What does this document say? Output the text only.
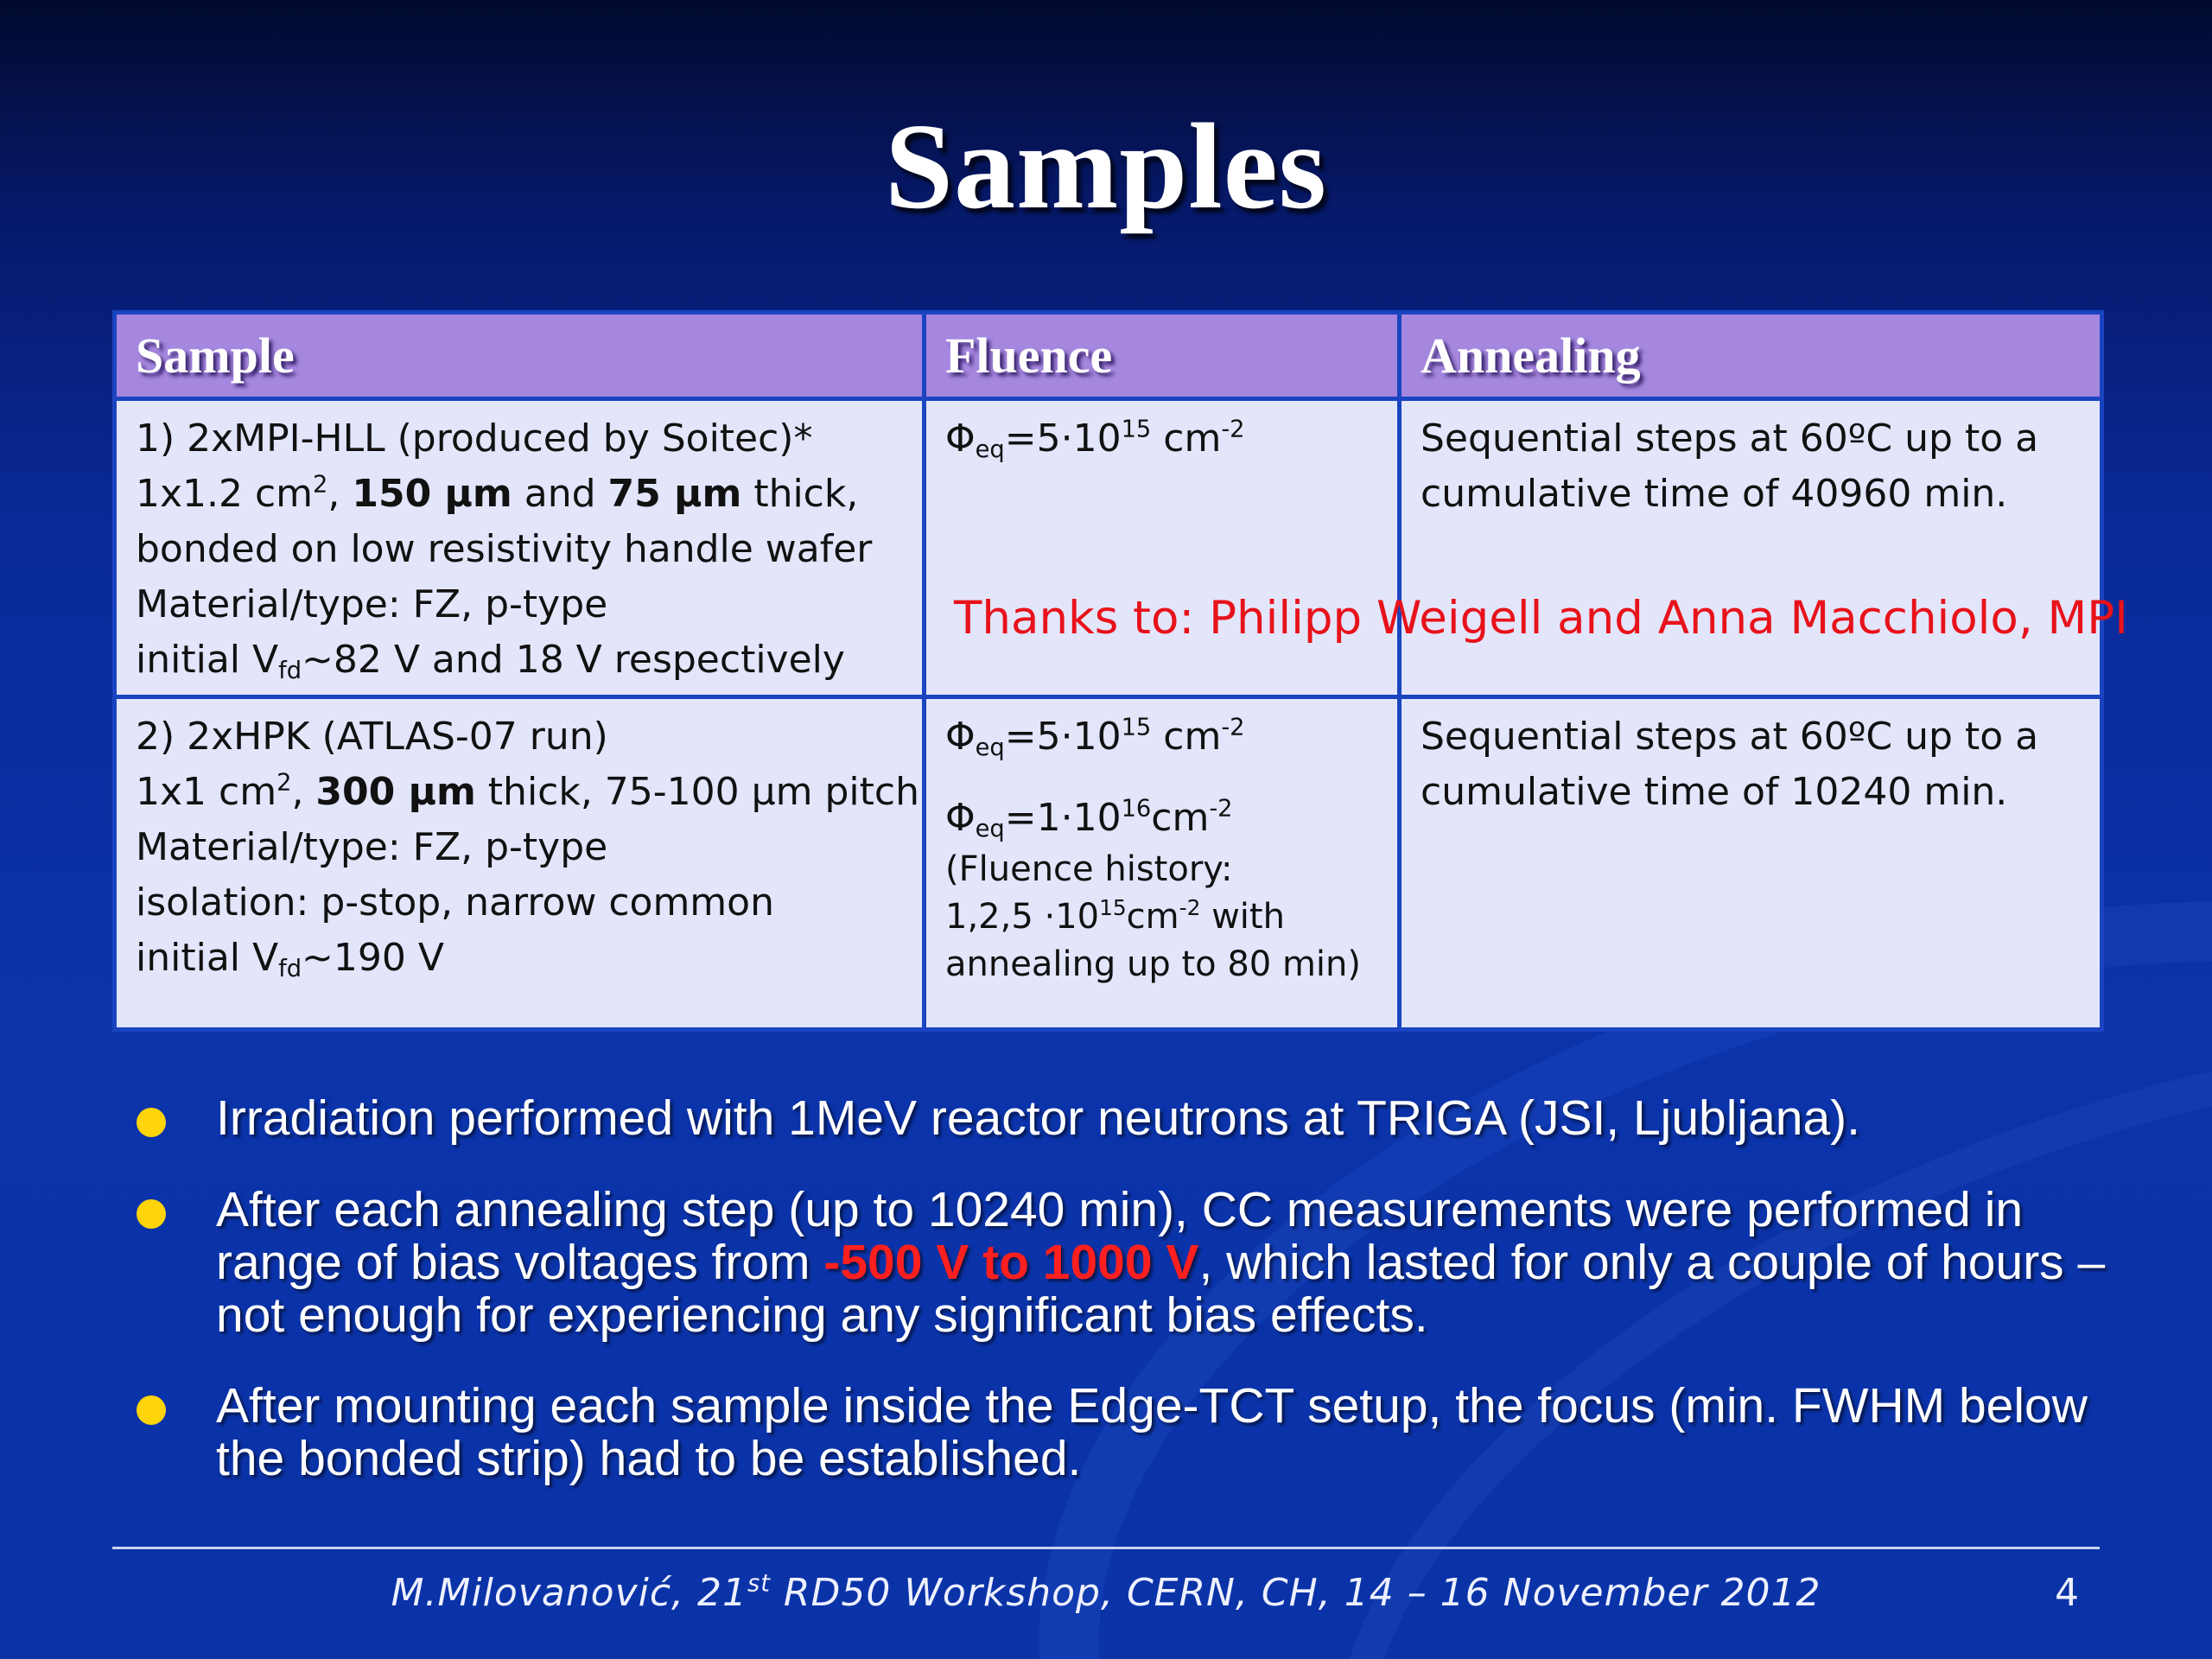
Samples
Sample	Fluence	Annealing

1) 2xMPI-HLL (produced by Soitec)*
1x1.2 $cm^2$, 150 μm and 75 μm thick,
bonded on low resistivity handle wafer
Material/type: FZ, p-type
initial $V_{fd}\sim 82$ V and 18 V respectively	$\Phi_{eq}=5\cdot 10^{15}$ $cm^{-2}$	Sequential steps at 60ºC up to a
cumulative time of 40960 min.

2) 2xHPK (ATLAS-07 run)
1x1 $cm^2$, 300 μm thick, 75-100 μm pitch
Material/type: FZ, p-type
isolation: p-stop, narrow common
initial $V_{fd}\sim 190$ V	$\Phi_{eq}=5\cdot 10^{15}$ $cm^{-2}$
$\Phi_{eq}=1\cdot 10^{16}cm^{-2}$
(Fluence history:
$1,2,5 \cdot 10^{15}cm^{-2}$ with
annealing up to 80 min)	Sequential steps at 60ºC up to a
cumulative time of 10240 min.
Thanks to: Philipp Weigell and Anna Macchiolo, MPI
Irradiation performed with 1MeV reactor neutrons at TRIGA (JSI, Ljubljana).
After each annealing step (up to 10240 min), CC measurements were performed in range of bias voltages from -500 V to 1000 V, which lasted for only a couple of hours – not enough for experiencing any significant bias effects.
After mounting each sample inside the Edge-TCT setup, the focus (min. FWHM below the bonded strip) had to be established.
M.Milovanović, 21st RD50 Workshop, CERN, CH, 14 – 16 November 2012	4
